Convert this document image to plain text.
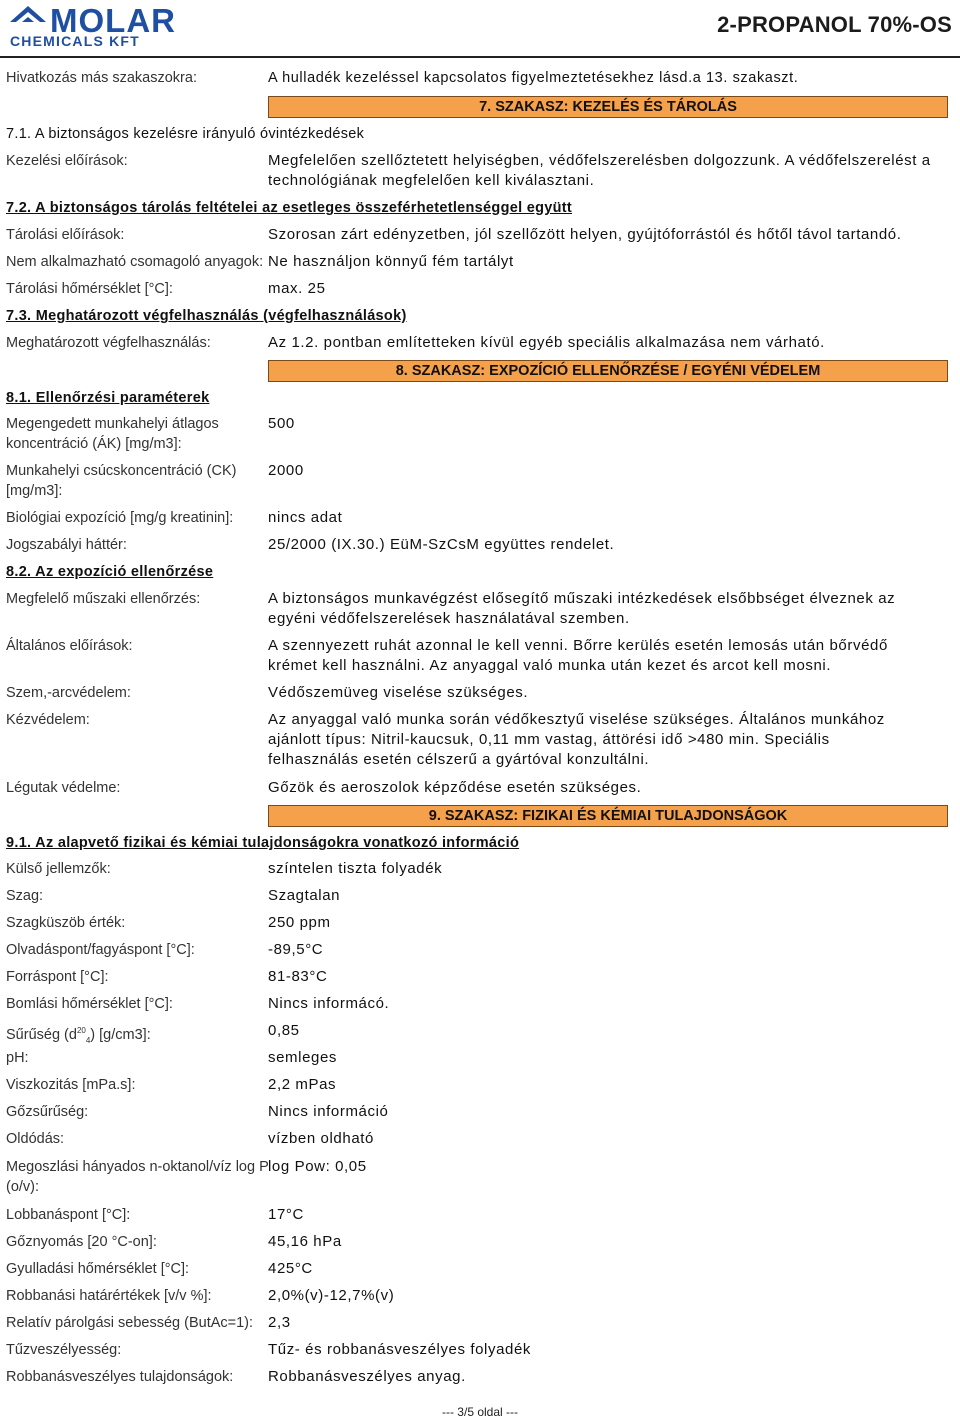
MOLAR
CHEMICALS KFT
2-PROPANOL 70%-OS
Hivatkozás más szakaszokra:	A hulladék kezeléssel kapcsolatos figyelmeztetésekhez lásd.a 13. szakaszt.
7. SZAKASZ: KEZELÉS ÉS TÁROLÁS
7.1. A biztonságos kezelésre irányuló óvintézkedések
Kezelési előírások:	Megfelelően szellőztetett helyiségben, védőfelszerelésben dolgozzunk. A védőfelszerelést a
technológiának megfelelően kell kiválasztani.
7.2. A biztonságos tárolás feltételei az esetleges összeférhetetlenséggel együtt
Tárolási előírások:	Szorosan zárt edényzetben, jól szellőzött helyen, gyújtóforrástól és hőtől távol tartandó.
Nem alkalmazható csomagoló anyagok: Ne használjon könnyű fém tartályt
Tárolási hőmérséklet [°C]:	max. 25
7.3. Meghatározott végfelhasználás (végfelhasználások)
Meghatározott végfelhasználás:	Az 1.2. pontban említetteken kívül egyéb speciális alkalmazása nem várható.
8. SZAKASZ: EXPOZÍCIÓ ELLENŐRZÉSE / EGYÉNI VÉDELEM
8.1. Ellenőrzési paraméterek
Megengedett munkahelyi átlagos
koncentráció (ÁK) [mg/m3]:
500
Munkahelyi csúcskoncentráció (CK)
[mg/m3]:
2000
Biológiai expozíció [mg/g kreatinin]: nincs adat
Jogszabályi háttér:	25/2000 (IX.30.) EüM-SzCsM együttes rendelet.
8.2. Az expozíció ellenőrzése
Megfelelő műszaki ellenőrzés:	A biztonságos munkavégzést elősegítő műszaki intézkedések elsőbbséget élveznek az
egyéni védőfelszerelések használatával szemben.
Általános előírások:	A szennyezett ruhát azonnal le kell venni. Bőrre kerülés esetén lemosás után bőrvédő
krémet kell használni. Az anyaggal való munka után kezet és arcot kell mosni.
Szem,-arcvédelem:	Védőszemüveg viselése szükséges.
Kézvédelem:	Az anyaggal való munka során védőkesztyű viselése szükséges. Általános munkához
ajánlott típus: Nitril-kaucsuk, 0,11 mm vastag, áttörési idő >480 min. Speciális
felhasználás esetén célszerű a gyártóval konzultálni.
Légutak védelme:	Gőzök és aeroszolok képződése esetén szükséges.
9. SZAKASZ: FIZIKAI ÉS KÉMIAI TULAJDONSÁGOK
9.1. Az alapvető fizikai és kémiai tulajdonságokra vonatkozó információ
Külső jellemzők:	színtelen tiszta folyadék
Szag:	Szagtalan
Szagküszöb érték:	250 ppm
Olvadáspont/fagyáspont [°C]:	-89,5°C
Forráspont [°C]:	81-83°C
Bomlási hőmérséklet [°C]:	Nincs informácó.
Sűrűség $(d^{20}_4)$ [g/cm3]:	0,85
pH:	semleges
Viszkozitás [mPa.s]:	2,2 mPas
Gőzsűrűség:	Nincs információ
Oldódás:	vízben oldható
Megoszlási hányados n-oktanol/víz log P
(o/v):
log Pow: 0,05
Lobbanáspont [°C]:	17°C
Gőznyomás [20 °C-on]:	45,16 hPa
Gyulladási hőmérséklet [°C]:	425°C
Robbanási határértékek [v/v %]:	2,0%(v)-12,7%(v)
Relatív párolgási sebesség (ButAc=1): 2,3
Tűzveszélyesség:	Tűz- és robbanásveszélyes folyadék
Robbanásveszélyes tulajdonságok: Robbanásveszélyes anyag.
--- 3/5 oldal ---
